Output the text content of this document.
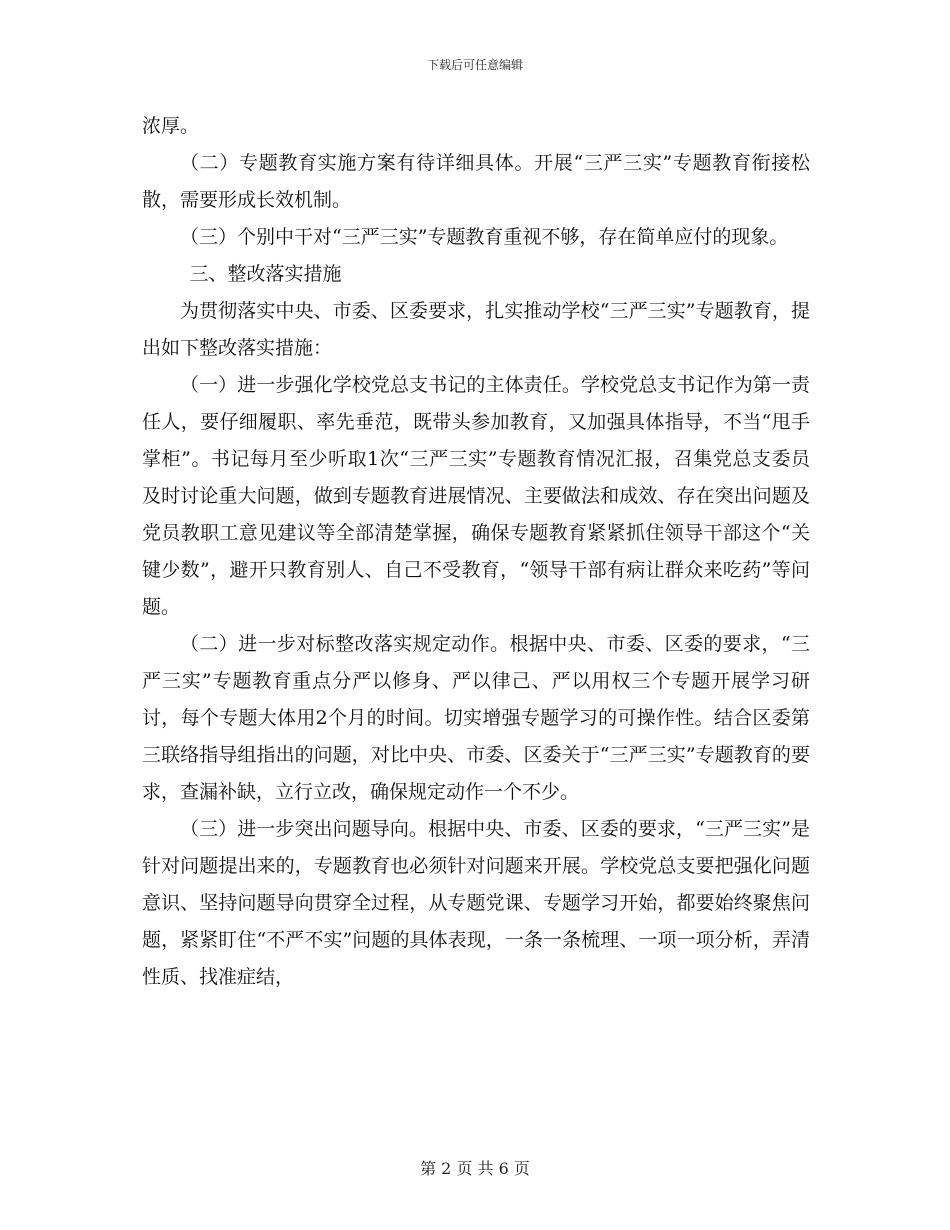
下载后可任意编辑

浓厚。

（二）专题教育实施方案有待详细具体。开展“三严三实”专题教育衔接松散，需要形成长效机制。

（三）个别中干对“三严三实”专题教育重视不够，存在简单应付的现象。

三、整改落实措施

为贯彻落实中央、市委、区委要求，扎实推动学校“三严三实”专题教育，提出如下整改落实措施：

（一）进一步强化学校党总支书记的主体责任。学校党总支书记作为第一责任人，要仔细履职、率先垂范，既带头参加教育，又加强具体指导，不当“甩手掌柜”。书记每月至少听取1次“三严三实”专题教育情况汇报，召集党总支委员及时讨论重大问题，做到专题教育进展情况、主要做法和成效、存在突出问题及党员教职工意见建议等全部清楚掌握，确保专题教育紧紧抓住领导干部这个“关键少数”，避开只教育别人、自己不受教育，“领导干部有病让群众来吃药”等问题。

（二）进一步对标整改落实规定动作。根据中央、市委、区委的要求，“三严三实”专题教育重点分严以修身、严以律己、严以用权三个专题开展学习研讨，每个专题大体用2个月的时间。切实增强专题学习的可操作性。结合区委第三联络指导组指出的问题，对比中央、市委、区委关于“三严三实”专题教育的要求，查漏补缺，立行立改，确保规定动作一个不少。

（三）进一步突出问题导向。根据中央、市委、区委的要求，“三严三实”是针对问题提出来的，专题教育也必须针对问题来开展。学校党总支要把强化问题意识、坚持问题导向贯穿全过程，从专题党课、专题学习开始，都要始终聚焦问题，紧紧盯住“不严不实”问题的具体表现，一条一条梳理、一项一项分析，弄清性质、找准症结，

第 2 页 共 6 页
